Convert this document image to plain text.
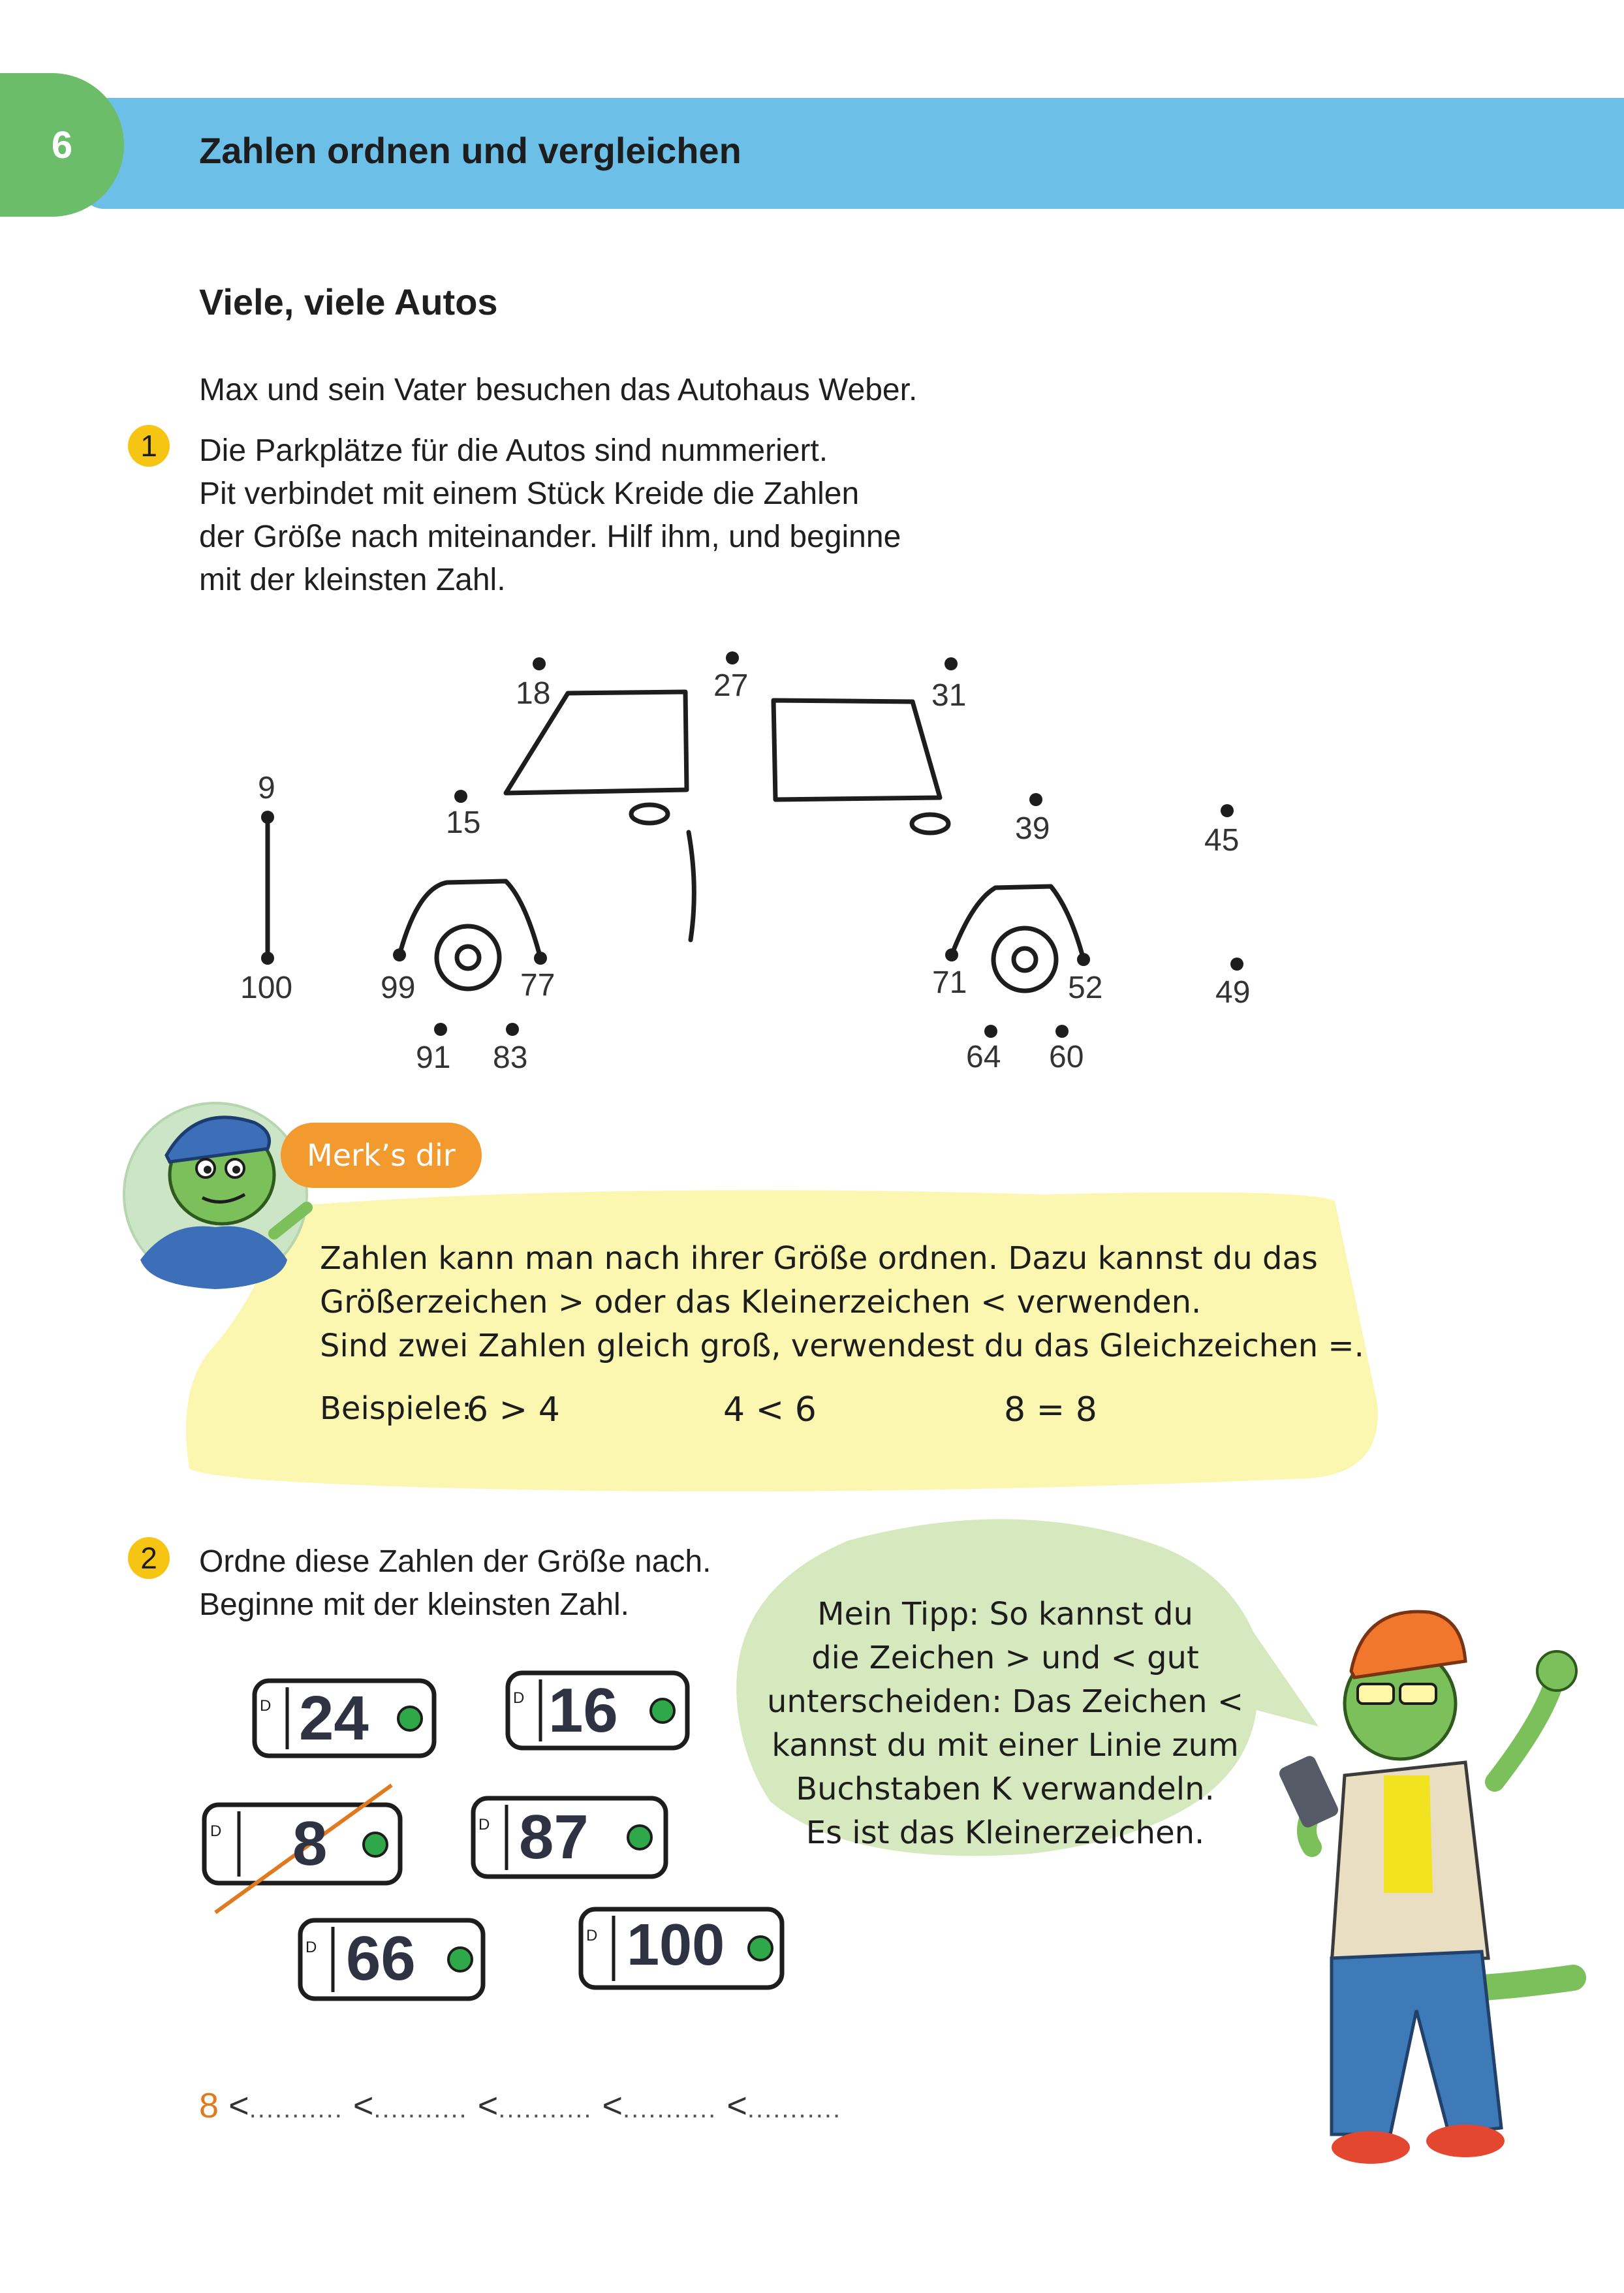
6	Zahlen ordnen und vergleichen
Viele, viele Autos
Max und sein Vater besuchen das Autohaus Weber.
1	Die Parkplätze für die Autos sind nummeriert.
Pit verbindet mit einem Stück Kreide die Zahlen
der Größe nach miteinander. Hilf ihm, und beginne
mit der kleinsten Zahl.
9
15
18	27	31
39	45
49
52
60
64
71
77
83
91
99
100
Merk’s dir
Zahlen kann man nach ihrer Größe ordnen. Dazu kannst du das
Größerzeichen > oder das Kleinerzeichen < verwenden.
Sind zwei Zahlen gleich groß, verwendest du das Gleichzeichen =.
Beispiele:
6 > 4	4 < 6	8 = 8
2	Ordne diese Zahlen der Größe nach.
Beginne mit der kleinsten Zahl.	Mein Tipp: So kannst du
die Zeichen > und < gut
unterscheiden: Das Zeichen <
kannst du mit einer Linie zum
Buchstaben K verwandeln.
Es ist das Kleinerzeichen.
D	D
D	D
D
D
24	16
8	87
66	100
8 <........... <........... <........... <........... <...........
